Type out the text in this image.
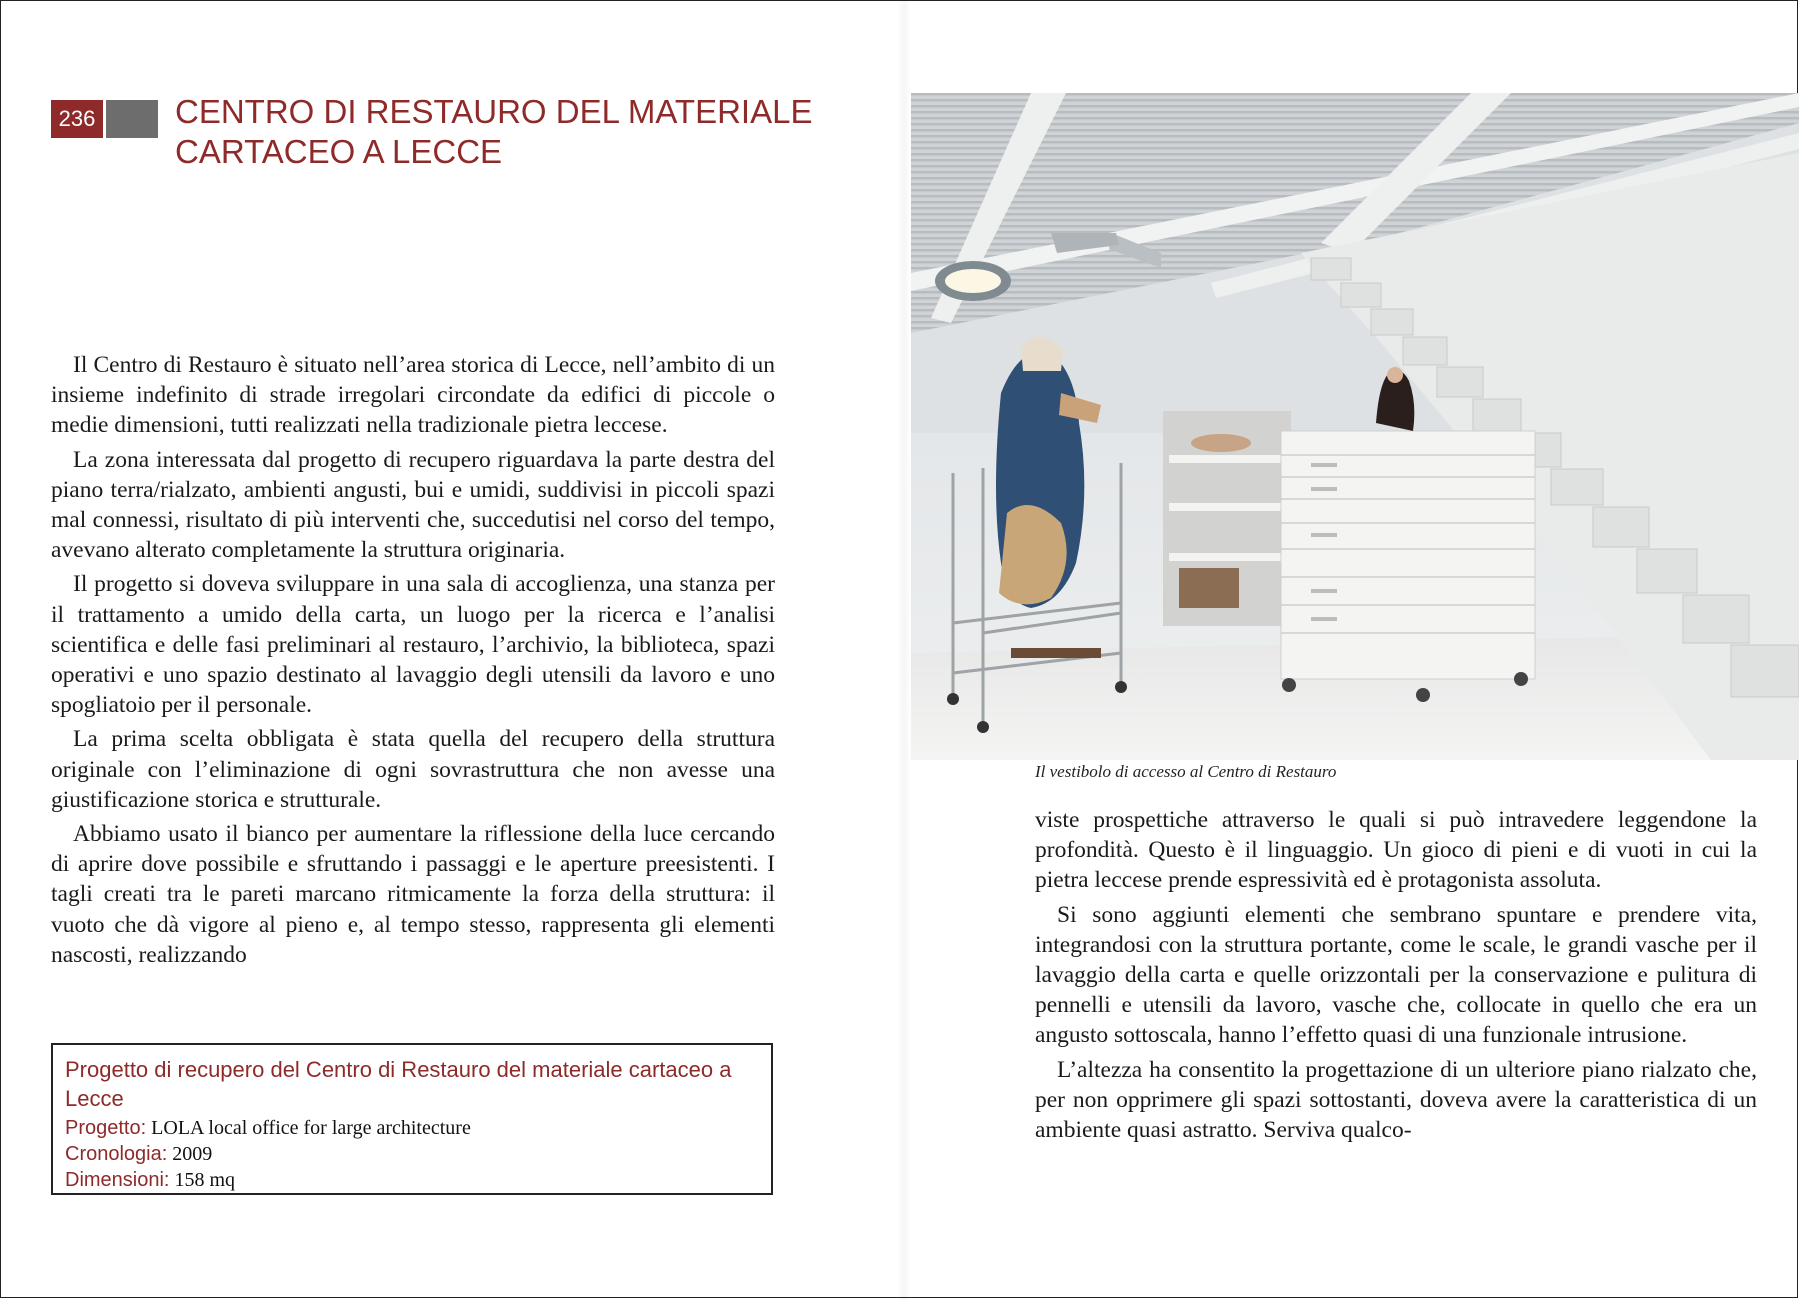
236 CENTRO DI RESTAURO DEL MATERIALE
CARTACEO A LECCE

Il Centro di Restauro è situato nell’area storica di Lecce, nell’ambito di un insieme indefinito di strade irregolari circondate da edifici di piccole o medie dimensioni, tutti realizzati nella tradizionale pietra leccese.

La zona interessata dal progetto di recupero riguardava la parte destra del piano terra/rialzato, ambienti angusti, bui e umidi, suddivisi in piccoli spazi mal connessi, risultato di più interventi che, succedutisi nel corso del tempo, avevano alterato completamente la struttura originaria.

Il progetto si doveva sviluppare in una sala di accoglienza, una stanza per il trattamento a umido della carta, un luogo per la ricerca e l’analisi scientifica e delle fasi preliminari al restauro, l’archivio, la biblioteca, spazi operativi e uno spazio destinato al lavaggio degli utensili da lavoro e uno spogliatoio per il personale.

La prima scelta obbligata è stata quella del recupero della struttura originale con l’eliminazione di ogni sovrastruttura che non avesse una giustificazione storica e strutturale.

Abbiamo usato il bianco per aumentare la riflessione della luce cercando di aprire dove possibile e sfruttando i passaggi e le aperture preesistenti. I tagli creati tra le pareti marcano ritmicamente la forza della struttura: il vuoto che dà vigore al pieno e, al tempo stesso, rappresenta gli elementi nascosti, realizzando

Progetto di recupero del Centro di Restauro del materiale cartaceo a Lecce
Progetto: LOLA local office for large architecture
Cronologia: 2009
Dimensioni: 158 mq

Il vestibolo di accesso al Centro di Restauro

viste prospettiche attraverso le quali si può intravedere leggendone la profondità. Questo è il linguaggio. Un gioco di pieni e di vuoti in cui la pietra leccese prende espressività ed è protagonista assoluta.

Si sono aggiunti elementi che sembrano spuntare e prendere vita, integrandosi con la struttura portante, come le scale, le grandi vasche per il lavaggio della carta e quelle orizzontali per la conservazione e pulitura di pennelli e utensili da lavoro, vasche che, collocate in quello che era un angusto sottoscala, hanno l’effetto quasi di una funzionale intrusione.

L’altezza ha consentito la progettazione di un ulteriore piano rialzato che, per non opprimere gli spazi sottostanti, doveva avere la caratteristica di un ambiente quasi astratto. Serviva qualco-
